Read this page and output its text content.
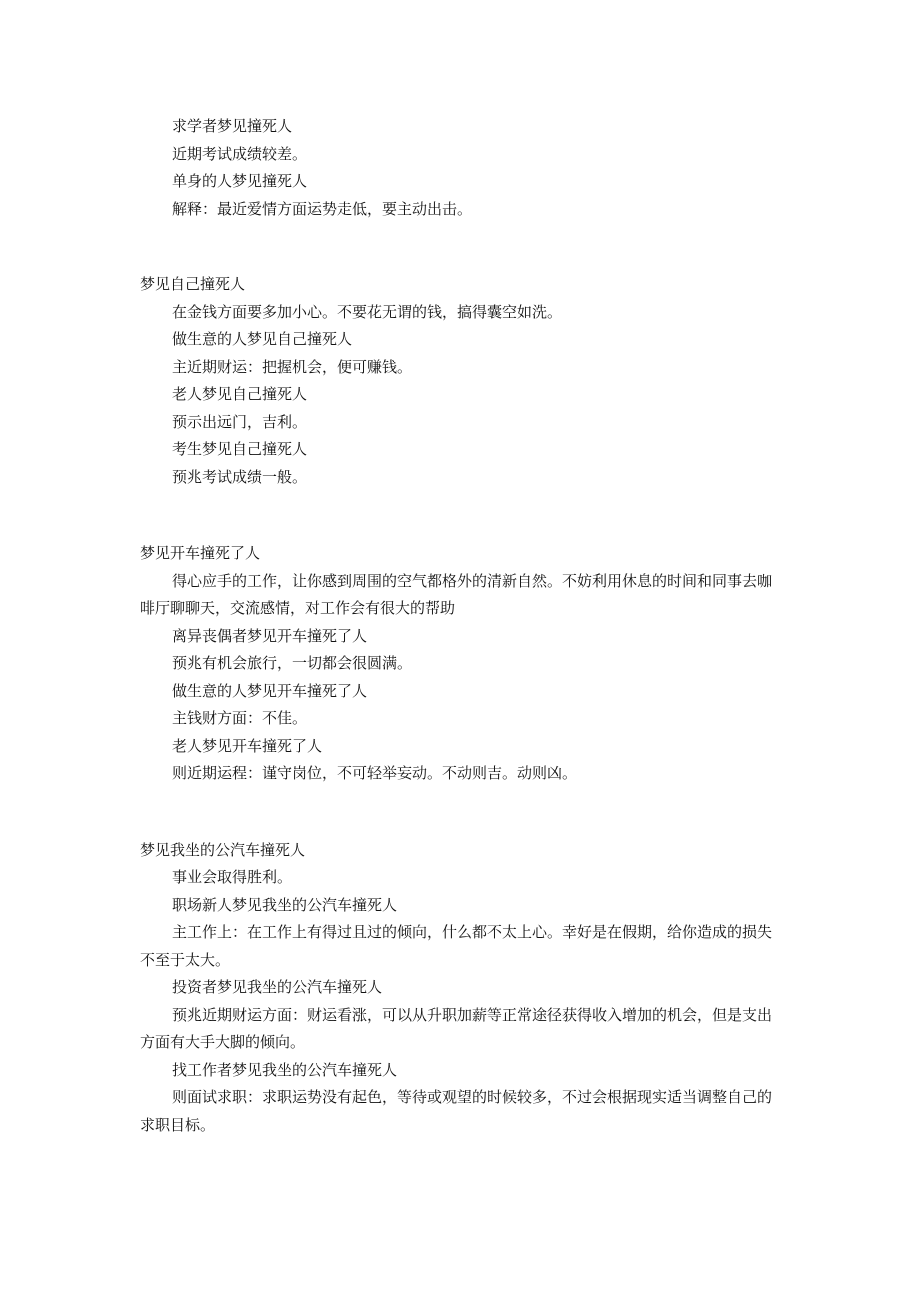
求学者梦见撞死人

近期考试成绩较差。

单身的人梦见撞死人

解释：最近爱情方面运势走低，要主动出击。

梦见自己撞死人

在金钱方面要多加小心。不要花无谓的钱，搞得囊空如洗。

做生意的人梦见自己撞死人

主近期财运：把握机会，便可赚钱。

老人梦见自己撞死人

预示出远门，吉利。

考生梦见自己撞死人

预兆考试成绩一般。

梦见开车撞死了人

得心应手的工作，让你感到周围的空气都格外的清新自然。不妨利用休息的时间和同事去咖啡厅聊聊天，交流感情，对工作会有很大的帮助

离异丧偶者梦见开车撞死了人

预兆有机会旅行，一切都会很圆满。

做生意的人梦见开车撞死了人

主钱财方面：不佳。

老人梦见开车撞死了人

则近期运程：谨守岗位，不可轻举妄动。不动则吉。动则凶。

梦见我坐的公汽车撞死人

事业会取得胜利。

职场新人梦见我坐的公汽车撞死人

主工作上：在工作上有得过且过的倾向，什么都不太上心。幸好是在假期，给你造成的损失不至于太大。

投资者梦见我坐的公汽车撞死人

预兆近期财运方面：财运看涨，可以从升职加薪等正常途径获得收入增加的机会，但是支出方面有大手大脚的倾向。

找工作者梦见我坐的公汽车撞死人

则面试求职：求职运势没有起色，等待或观望的时候较多，不过会根据现实适当调整自己的求职目标。
